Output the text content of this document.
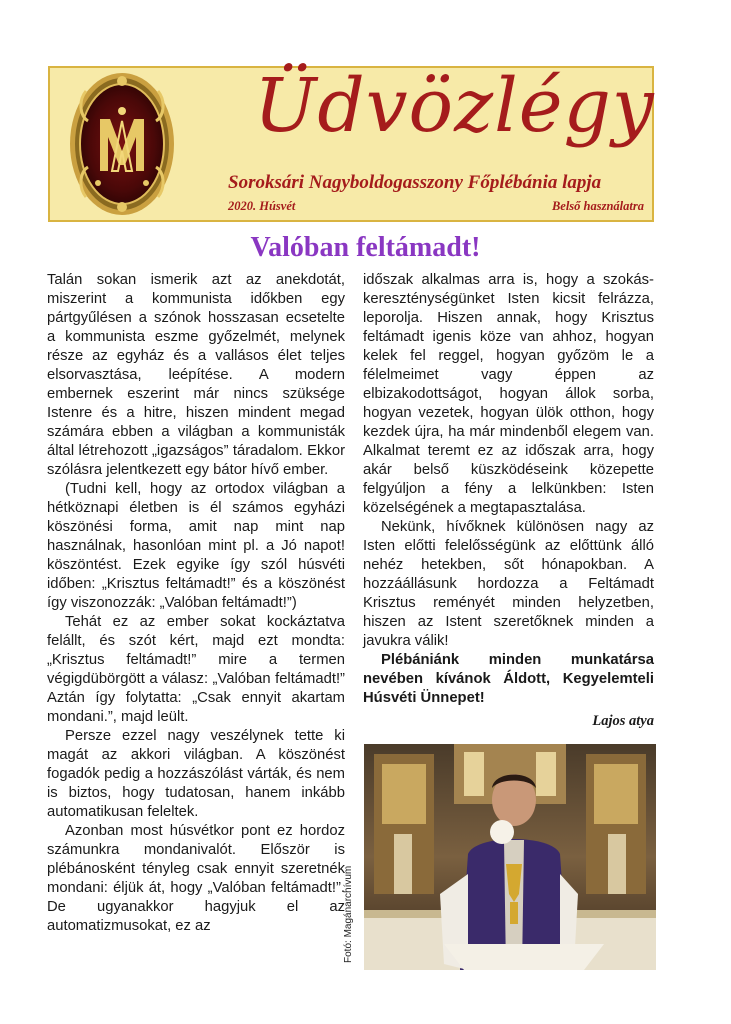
Üdvözlégy
Soroksári Nagyboldogasszony Főplébánia lapja
2020. Húsvét	Belső használatra
Valóban feltámadt!

Talán sokan ismerik azt az anekdotát, miszerint a kommunista időkben egy pártgyűlésen a szónok hosszasan ecsetelte a kommunista eszme győzelmét, melynek része az egyház és a vallásos élet teljes elsorvasztása, leépítése. A modern embernek eszerint már nincs szüksége Istenre és a hitre, hiszen mindent megad számára ebben a világban a kommunisták által létrehozott „igazságos” táradalom. Ekkor szólásra jelentkezett egy bátor hívő ember.

(Tudni kell, hogy az ortodox világban a hétköznapi életben is él számos egyházi köszönési forma, amit nap mint nap használnak, hasonlóan mint pl. a Jó napot! köszöntést. Ezek egyike így szól húsvéti időben: „Krisztus feltámadt!” és a köszönést így viszonozzák: „Valóban feltámadt!”)

Tehát ez az ember sokat kockáztatva felállt, és szót kért, majd ezt mondta: „Krisztus feltámadt!” mire a termen végigdübörgött a válasz: „Valóban feltámadt!” Aztán így folytatta: „Csak ennyit akartam mondani.”, majd leült.

Persze ezzel nagy veszélynek tette ki magát az akkori világban. A köszönést fogadók pedig a hozzászólást várták, és nem is biztos, hogy tudatosan, hanem inkább automatikusan feleltek.

Azonban most húsvétkor pont ez hordoz számunkra mondanivalót. Először is plébánosként tényleg csak ennyit szeretnék mondani: éljük át, hogy „Valóban feltámadt!”. De ugyanakkor hagyjuk el az automatizmusokat, ez az

időszak alkalmas arra is, hogy a szokás-kereszténységünket Isten kicsit felrázza, leporolja. Hiszen annak, hogy Krisztus feltámadt igenis köze van ahhoz, hogyan kelek fel reggel, hogyan győzöm le a félelmeimet vagy éppen az elbizakodottságot, hogyan állok sorba, hogyan vezetek, hogyan ülök otthon, hogy kezdek újra, ha már mindenből elegem van. Alkalmat teremt ez az időszak arra, hogy akár belső küszködéseink közepette felgyúljon a fény a lelkünkben: Isten közelségének a megtapasztalása.

Nekünk, hívőknek különösen nagy az Isten előtti felelősségünk az előttünk álló nehéz hetekben, sőt hónapokban. A hozzáállásunk hordozza a Feltámadt Krisztus reményét minden helyzetben, hiszen az Istent szeretőknek minden a javukra válik!

Plébániánk minden munkatársa nevében kívánok Áldott, Kegyelemteli Húsvéti Ünnepet!

Lajos atya

Fotó: Magánarchívum
